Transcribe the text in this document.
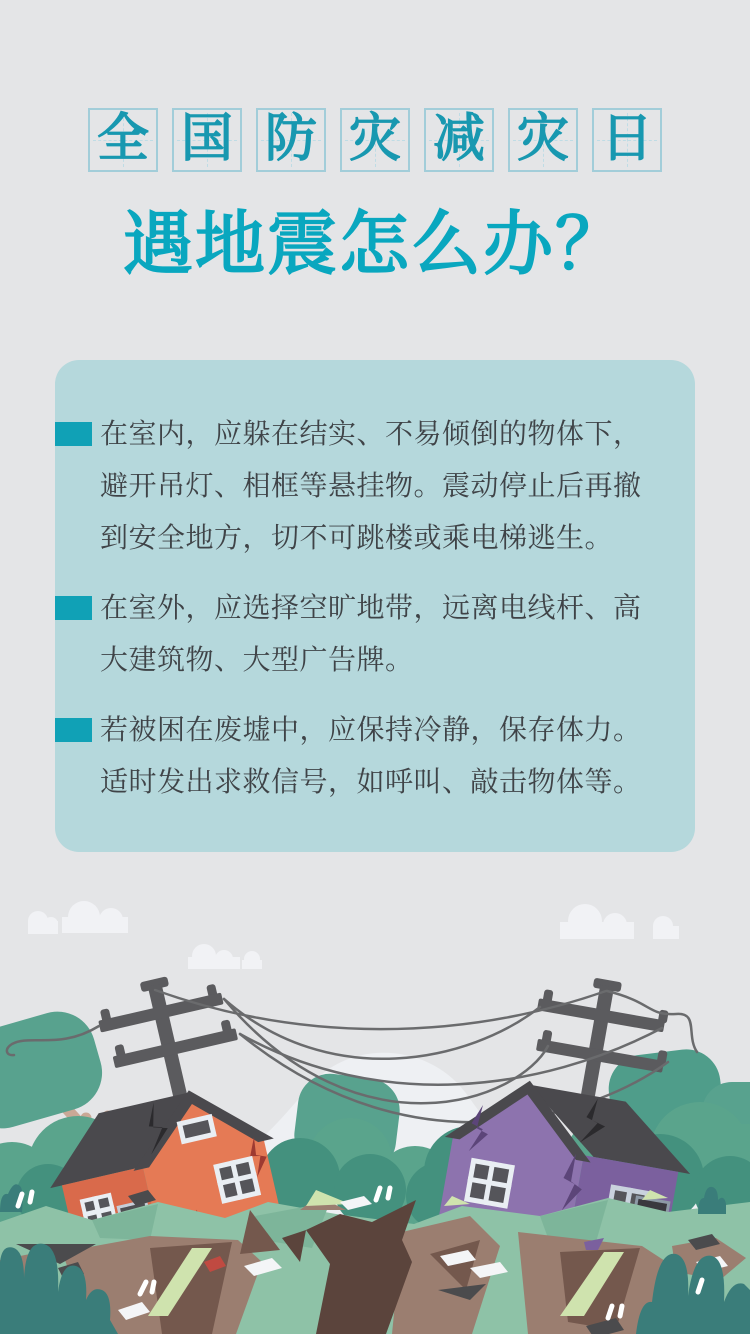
全 国 防 灾 减 灾 日
遇地震怎么办？

在室内，应躲在结实、不易倾倒的物体下，避开吊灯、相框等悬挂物。震动停止后再撤到安全地方，切不可跳楼或乘电梯逃生。

在室外，应选择空旷地带，远离电线杆、高大建筑物、大型广告牌。

若被困在废墟中，应保持冷静，保存体力。适时发出求救信号，如呼叫、敲击物体等。
